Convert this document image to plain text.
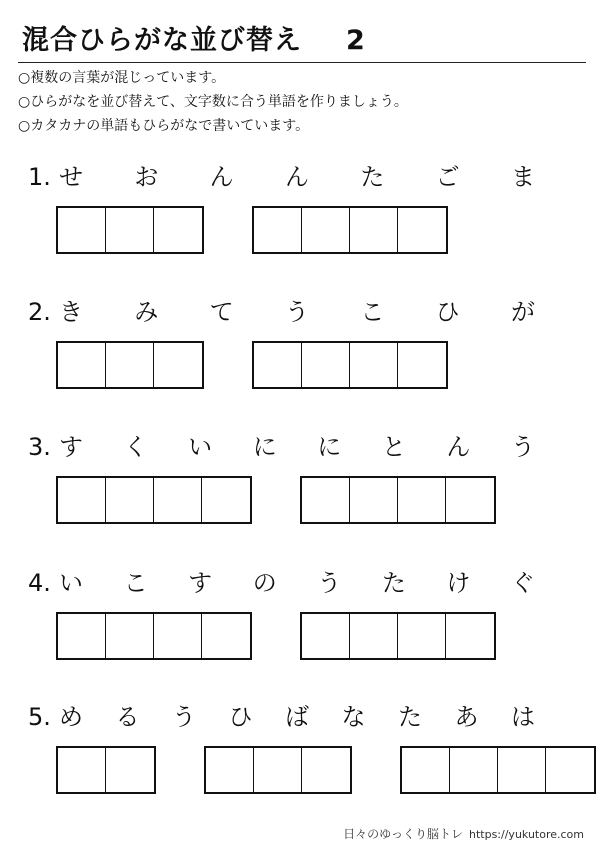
混合ひらがな並び替え 2
○複数の言葉が混じっています。
○ひらがなを並び替えて、文字数に合う単語を作りましょう。
○カタカナの単語もひらがなで書いています。
1. せ お ん ん た ご ま
2. き み て う こ ひ が
3. す く い に に と ん う
4. い こ す の う た け ぐ
5. め る う ひ ば な た あ は
日々のゆっくり脳トレ https://yukutore.com
